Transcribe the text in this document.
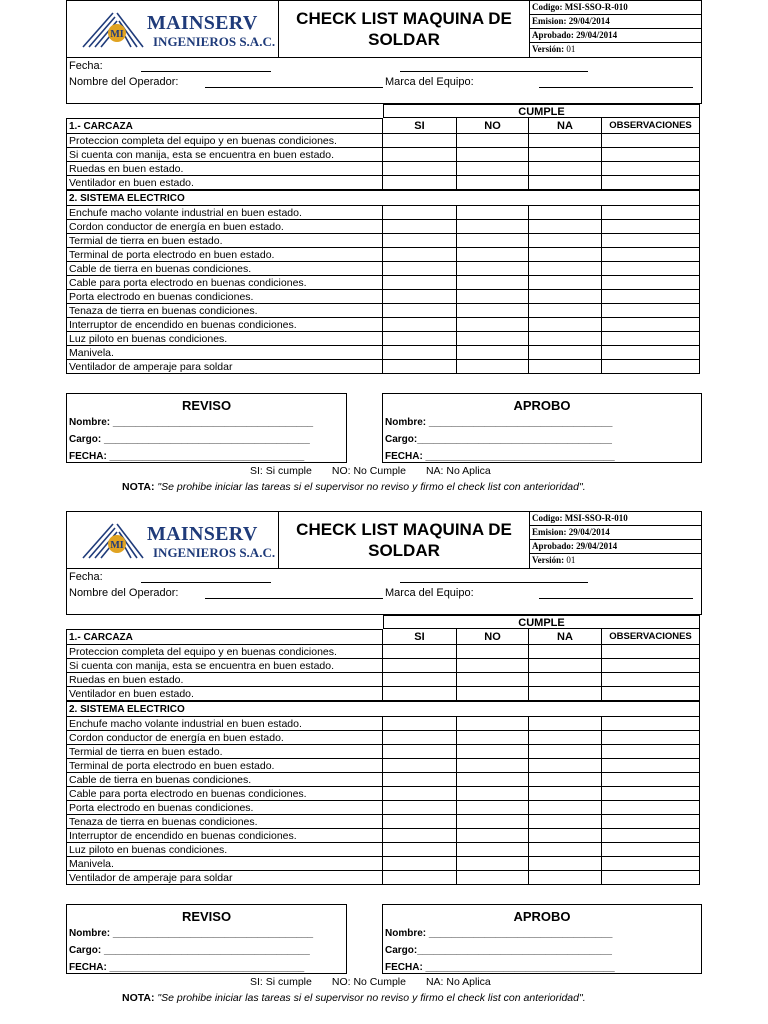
MI
MAINSERV
INGENIEROS S.A.C.
CHECK LIST MAQUINA DE SOLDAR
Codigo: MSI-SSO-R-010
Emision: 29/04/2014
Aprobado: 29/04/2014
Versión: 01
Fecha:
Nombre del Operador:	Marca del Equipo:
CUMPLE
1.- CARCAZA	SI	NO	NA	OBSERVACIONES
Proteccion completa del equipo y en buenas condiciones.
Si cuenta con manija, esta se encuentra en buen estado.
Ruedas en buen estado.
Ventilador en buen estado.
2. SISTEMA ELECTRICO
Enchufe macho volante industrial en buen estado.
Cordon conductor de energía en buen estado.
Termial de tierra en buen estado.
Terminal de porta electrodo en buen estado.
Cable de tierra en buenas condiciones.
Cable para porta electrodo en buenas condiciones.
Porta electrodo en buenas condiciones.
Tenaza de tierra en buenas condiciones.
Interruptor de encendido en buenas condiciones.
Luz piloto en buenas condiciones.
Manivela.
Ventilador de amperaje para soldar
REVISO
Nombre: ____________________________________
Cargo: _____________________________________
FECHA: ___________________________________
APROBO
Nombre: _________________________________
Cargo:___________________________________
FECHA: __________________________________
SI: Si cumple NO: No Cumple NA: No Aplica
NOTA: "Se prohibe iniciar las tareas si el supervisor no reviso y firmo el check list con anterioridad".
MI
MAINSERV
INGENIEROS S.A.C.
CHECK LIST MAQUINA DE SOLDAR
Codigo: MSI-SSO-R-010
Emision: 29/04/2014
Aprobado: 29/04/2014
Versión: 01
Fecha:
Nombre del Operador:	Marca del Equipo:
CUMPLE
1.- CARCAZA	SI	NO	NA	OBSERVACIONES
Proteccion completa del equipo y en buenas condiciones.
Si cuenta con manija, esta se encuentra en buen estado.
Ruedas en buen estado.
Ventilador en buen estado.
2. SISTEMA ELECTRICO
Enchufe macho volante industrial en buen estado.
Cordon conductor de energía en buen estado.
Termial de tierra en buen estado.
Terminal de porta electrodo en buen estado.
Cable de tierra en buenas condiciones.
Cable para porta electrodo en buenas condiciones.
Porta electrodo en buenas condiciones.
Tenaza de tierra en buenas condiciones.
Interruptor de encendido en buenas condiciones.
Luz piloto en buenas condiciones.
Manivela.
Ventilador de amperaje para soldar
REVISO
Nombre: ____________________________________
Cargo: _____________________________________
FECHA: ___________________________________
APROBO
Nombre: _________________________________
Cargo:___________________________________
FECHA: __________________________________
SI: Si cumple NO: No Cumple NA: No Aplica
NOTA: "Se prohibe iniciar las tareas si el supervisor no reviso y firmo el check list con anterioridad".
